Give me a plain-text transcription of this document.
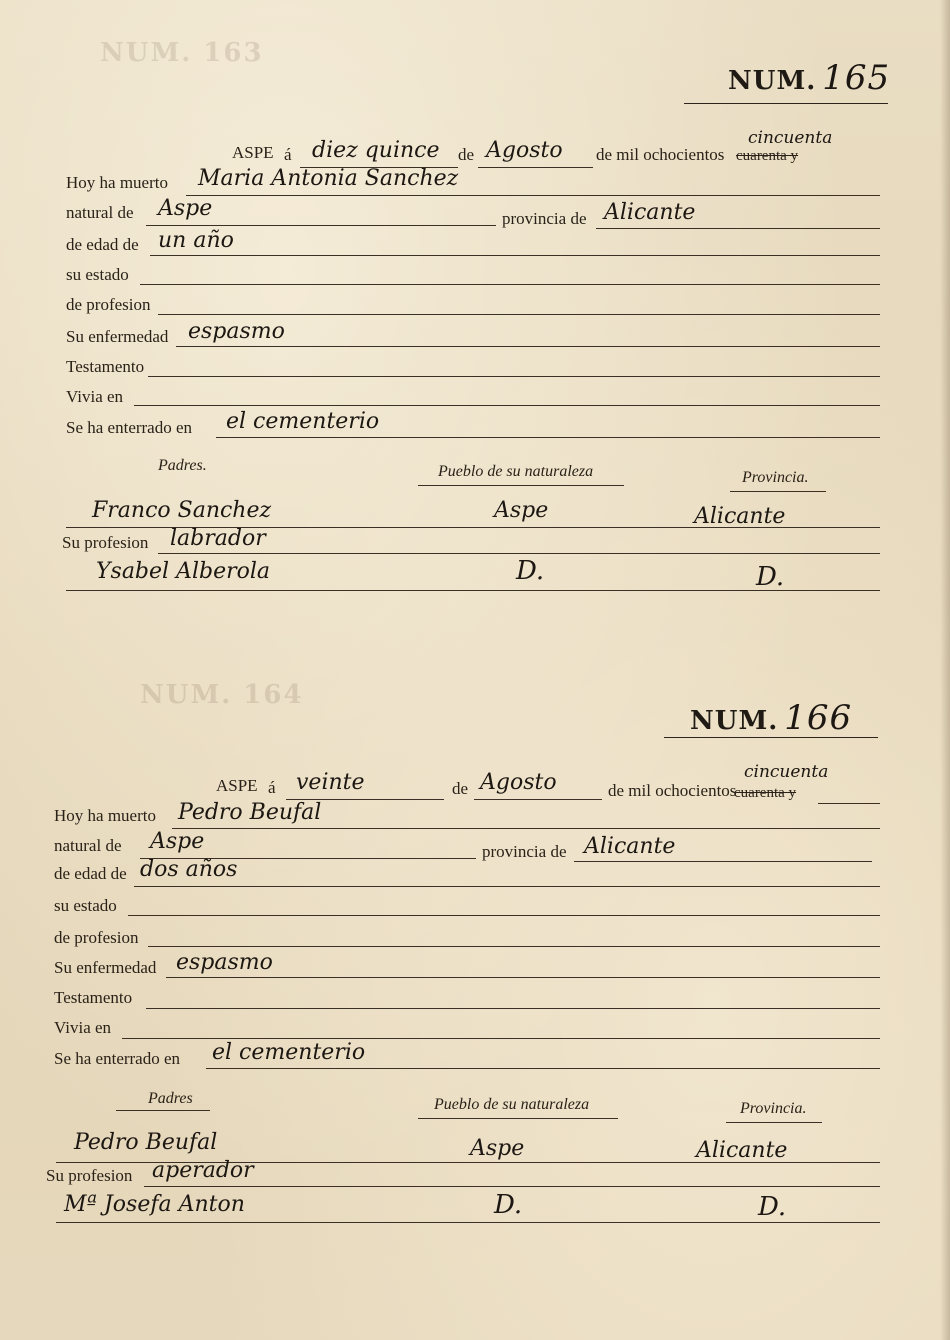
NUM. 163
NUM. 164
NUM. 165
ASPE á diez quince de Agosto de mil ochocientos cuarenta y
cincuenta
Hoy ha muerto Maria Antonia Sanchez
natural de Aspe	provincia de Alicante
de edad de un año
su estado
de profesion
Su enfermedad espasmo
Testamento
Vivia en
Se ha enterrado en el cementerio
Padres.	Pueblo de su naturaleza	Provincia.
Franco Sanchez	Aspe	Alicante
Su profesion labrador
Ysabel Alberola	D.	D.
NUM. 166
ASPE á veinte	de Agosto	de mil ochocientos
cuarenta y
cincuenta
Hoy ha muerto Pedro Beufal
natural de Aspe	provincia de Alicante
de edad de dos años
su estado
de profesion
Su enfermedad espasmo
Testamento
Vivia en
Se ha enterrado en el cementerio
Padres	Pueblo de su naturaleza	Provincia.
Pedro Beufal	Aspe	Alicante
Su profesion aperador
Mª Josefa Anton	D.	D.
